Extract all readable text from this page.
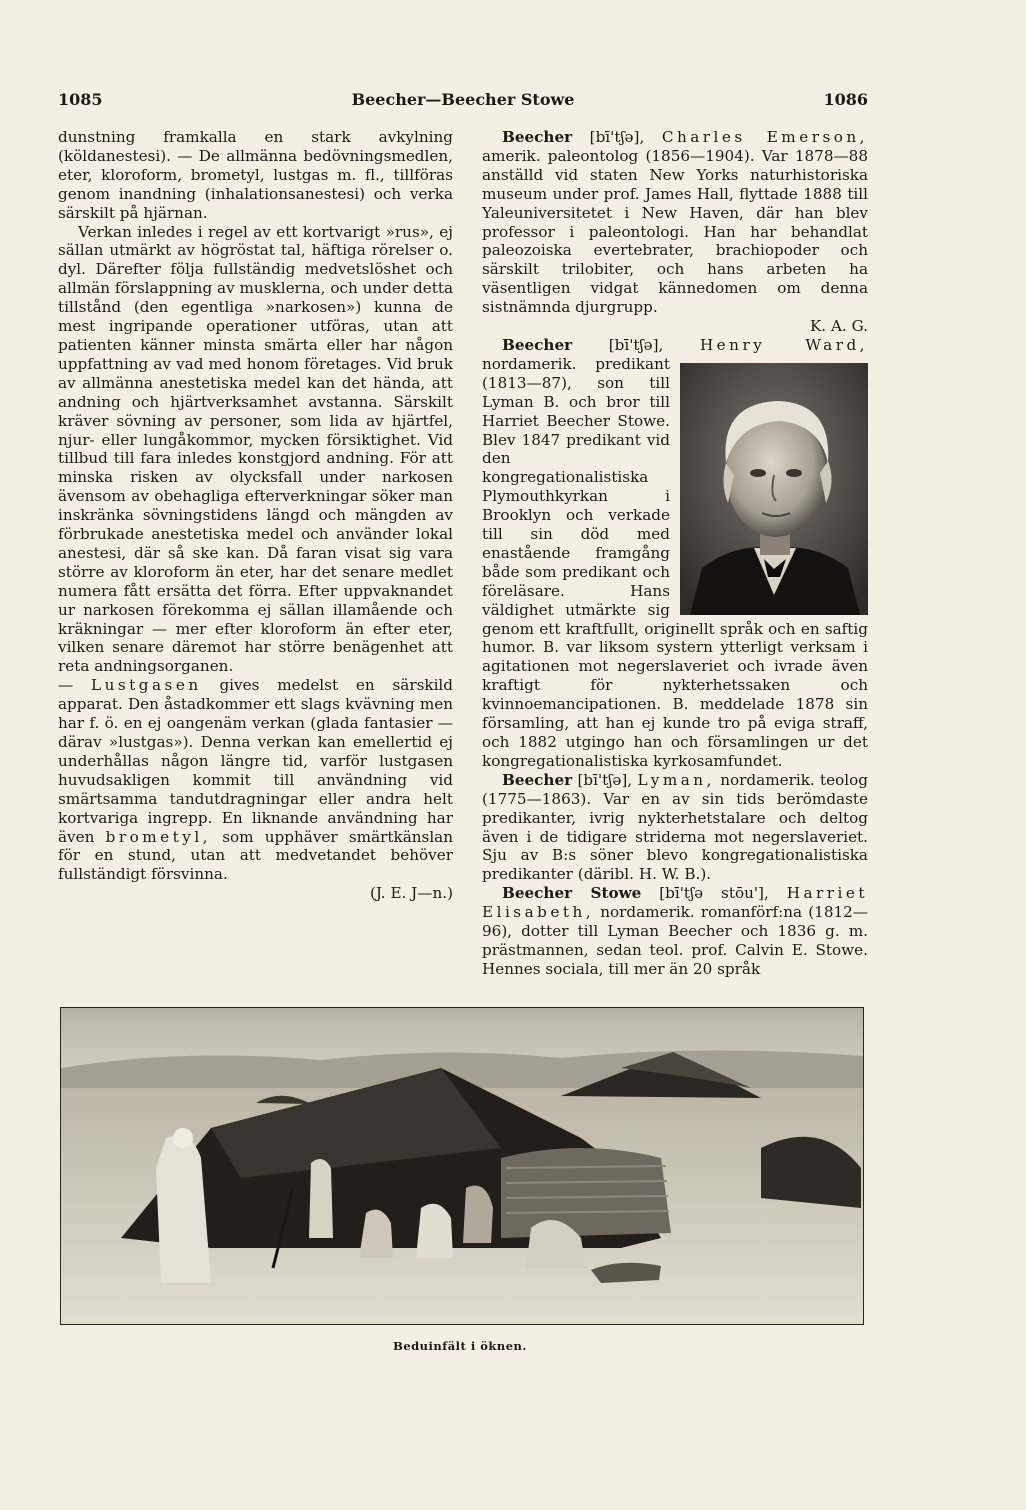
1085	Beecher—Beecher Stowe	1086

dunstning framkalla en stark avkylning (köldanestesi). — De allmänna bedövningsmedlen, eter, kloroform, brometyl, lustgas m. fl., tillföras genom inandning (inhalationsanestesi) och verka särskilt på hjärnan.

Verkan inledes i regel av ett kortvarigt »rus», ej sällan utmärkt av högröstat tal, häftiga rörelser o. dyl. Därefter följa fullständig medvetslöshet och allmän förslappning av musklerna, och under detta tillstånd (den egentliga »narkosen») kunna de mest ingripande operationer utföras, utan att patienten känner minsta smärta eller har någon uppfattning av vad med honom företages. Vid bruk av allmänna anestetiska medel kan det hända, att andning och hjärtverksamhet avstanna. Särskilt kräver sövning av personer, som lida av hjärtfel, njur- eller lungåkommor, mycken försiktighet. Vid tillbud till fara inledes konstgjord andning. För att minska risken av olycksfall under narkosen ävensom av obehagliga efterverkningar söker man inskränka sövningstidens längd och mängden av förbrukade anestetiska medel och använder lokal anestesi, där så ske kan. Då faran visat sig vara större av kloroform än eter, har det senare medlet numera fått ersätta det förra. Efter uppvaknandet ur narkosen förekomma ej sällan illamående och kräkningar — mer efter kloroform än efter eter, vilken senare däremot har större benägenhet att reta andningsorganen.

— Lustgasen gives medelst en särskild apparat. Den åstadkommer ett slags kvävning men har f. ö. en ej oangenäm verkan (glada fantasier — därav »lustgas»). Denna verkan kan emellertid ej underhållas någon längre tid, varför lustgasen huvudsakligen kommit till användning vid smärtsamma tandutdragningar eller andra helt kortvariga ingrepp. En liknande användning har även brometyl, som upphäver smärtkänslan för en stund, utan att medvetandet behöver fullständigt försvinna.

(J. E. J—n.)

Beecher [bī'tʃə], Charles Emerson, amerik. paleontolog (1856—1904). Var 1878—88 anställd vid staten New Yorks naturhistoriska museum under prof. James Hall, flyttade 1888 till Yaleuniversitetet i New Haven, där han blev professor i paleontologi. Han har behandlat paleozoiska evertebrater, brachiopoder och särskilt trilobiter, och hans arbeten ha väsentligen vidgat kännedomen om denna sistnämnda djurgrupp.

K. A. G.

Beecher [bī'tʃə], Henry Ward,
nordamerik. predikant (1813—87), son till Lyman B. och bror till Harriet Beecher Stowe. Blev 1847 predikant vid den kongregationalistiska Plymouthkyrkan i Brooklyn och verkade till sin död med enastående framgång både som predikant och föreläsare. Hans väldighet utmärkte sig genom ett kraftfullt, originellt språk och en saftig humor. B. var liksom systern ytterligt verksam i agitationen mot negerslaveriet och ivrade även kraftigt för nykterhetssaken och kvinnoemancipationen. B. meddelade 1878 sin församling, att han ej kunde tro på eviga straff, och 1882 utgingo han och församlingen ur det kongregationalistiska kyrkosamfundet.

Beecher [bī'tʃə], Lyman, nordamerik. teolog (1775—1863). Var en av sin tids berömdaste predikanter, ivrig nykterhetstalare och deltog även i de tidigare striderna mot negerslaveriet. Sju av B:s söner blevo kongregationalistiska predikanter (däribl. H. W. B.).

Beecher Stowe [bī'tʃə stōu'], Harriet Elisabeth, nordamerik. romanförf:na (1812—96), dotter till Lyman Beecher och 1836 g. m. prästmannen, sedan teol. prof. Calvin E. Stowe. Hennes sociala, till mer än 20 språk

Beduinfält i öknen.
